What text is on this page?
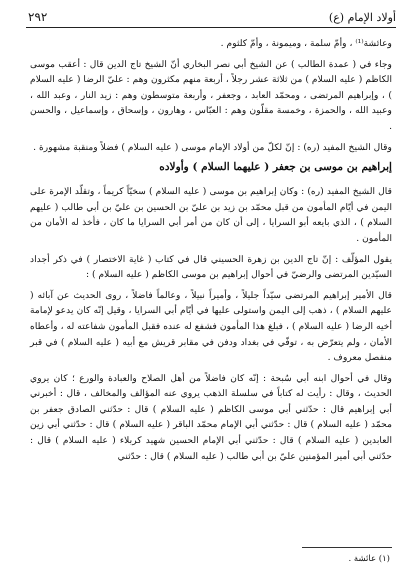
أولاد الإمام (ع)
٢٩٢

وعائشة⁽¹⁾ ، وأمّ سلمة ، وميمونة ، وأمّ كلثوم .

وجاء في ( عمدة الطالب ) عن الشيخ أبي نصر البخاري أنّ الشيخ تاج الدين قال : أعقب موسى الكاظم ( عليه السلام ) من ثلاثة عشر رجلاً ، أربعة منهم مكثرون وهم : عليّ الرضا ( عليه السلام ) ، وإبراهيم المرتضى ، ومحمّد العابد ، وجعفر ، وأربعة متوسطون وهم : زيد النار ، وعبد الله ، وعبيد الله ، والحمزة ، وخمسة مقلّون وهم : العبّاس ، وهارون ، وإسحاق ، وإسماعيل ، والحسن .

وقال الشيخ المفيد (ره) : إنّ لكلّ من أولاد الإمام موسى ( عليه السلام ) فضلاً ومنقبة مشهورة .

إبراهيم بن موسى بن جعفر ( عليهما السلام ) وأولاده

قال الشيخ المفيد (ره) : وكان إبراهيم بن موسى ( عليه السلام ) سخيّاً كريماً ، وتقلّد الإمرة على اليمن في أيّام المأمون من قبل محمّد بن زيد بن عليّ بن الحسين بن عليّ بن أبي طالب ( عليهم السلام ) ، الذي بايعه أبو السرايا ، إلى أن كان من أمر أبي السرايا ما كان ، فأخذ له الأمان من المأمون .

يقول المؤلّف : إنّ تاج الدين بن زهرة الحسيني قال في كتاب ( غاية الاختصار ) في ذكر أجداد السيّدين المرتضى والرضيّ في أحوال إبراهيم بن موسى الكاظم ( عليه السلام ) :

قال الأمير إبراهيم المرتضى سيّداً جليلاً ، وأميراً نبيلاً ، وعالماً فاضلاً ، روى الحديث عن آبائه ( عليهم السلام ) ، ذهب إلى اليمن واستولى عليها في أيّام أبي السرايا ، وقيل إنّه كان يدعو لإمامة أخيه الرضا ( عليه السلام ) ، فبلغ هذا المأمون فشفع له عنده فقبل المأمون شفاعته له ، وأعطاه الأمان ، ولم يتعرّض به ، توفّي في بغداد ودفن في مقابر قريش مع أبيه ( عليه السلام ) في قبر منفصل معروف .

وقال في أحوال ابنه أبي سُبحة : إنّه كان فاضلاً من أهل الصلاح والعبادة والورع ؛ كان يروي الحديث ، وقال : رأيت له كتاباً في سلسلة الذهب يروي عنه المؤالف والمخالف ، قال : أخبرني أبي إبراهيم قال : حدّثني أبي موسى الكاظم ( عليه السلام ) قال : حدّثني الصادق جعفر بن محمّد ( عليه السلام ) قال : حدّثني أبي الإمام محمّد الباقر ( عليه السلام ) قال : حدّثني أبي زين العابدين ( عليه السلام ) قال : حدّثني أبي الإمام الحسين شهيد كربلاء ( عليه السلام ) قال : حدّثني أبي أمير المؤمنين عليّ بن أبي طالب ( عليه السلام ) قال : حدّثني

(١) عائشة .
